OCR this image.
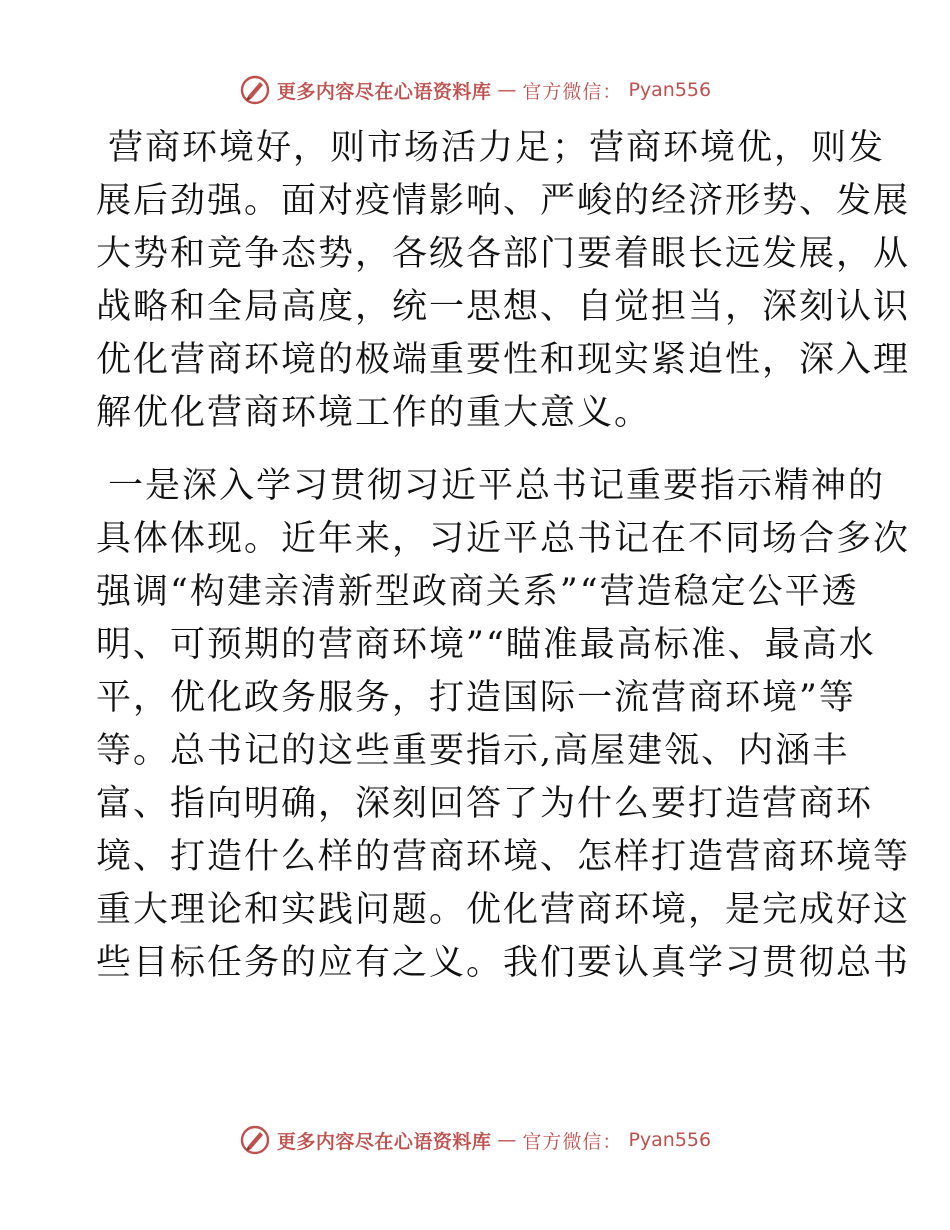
更多内容尽在心语资料库 — 官方微信： Pyan556
营商环境好，则市场活力足；营商环境优，则发
展后劲强。面对疫情影响、严峻的经济形势、发展
大势和竞争态势，各级各部门要着眼长远发展，从
战略和全局高度，统一思想、自觉担当，深刻认识
优化营商环境的极端重要性和现实紧迫性，深入理
解优化营商环境工作的重大意义。
一是深入学习贯彻习近平总书记重要指示精神的
具体体现。近年来，习近平总书记在不同场合多次
强调“构建亲清新型政商关系”“营造稳定公平透
明、可预期的营商环境”“瞄准最高标准、最高水
平，优化政务服务，打造国际一流营商环境”等
等。总书记的这些重要指示,高屋建瓴、内涵丰
富、指向明确，深刻回答了为什么要打造营商环
境、打造什么样的营商环境、怎样打造营商环境等
重大理论和实践问题。优化营商环境，是完成好这
些目标任务的应有之义。我们要认真学习贯彻总书
更多内容尽在心语资料库 — 官方微信： Pyan556
